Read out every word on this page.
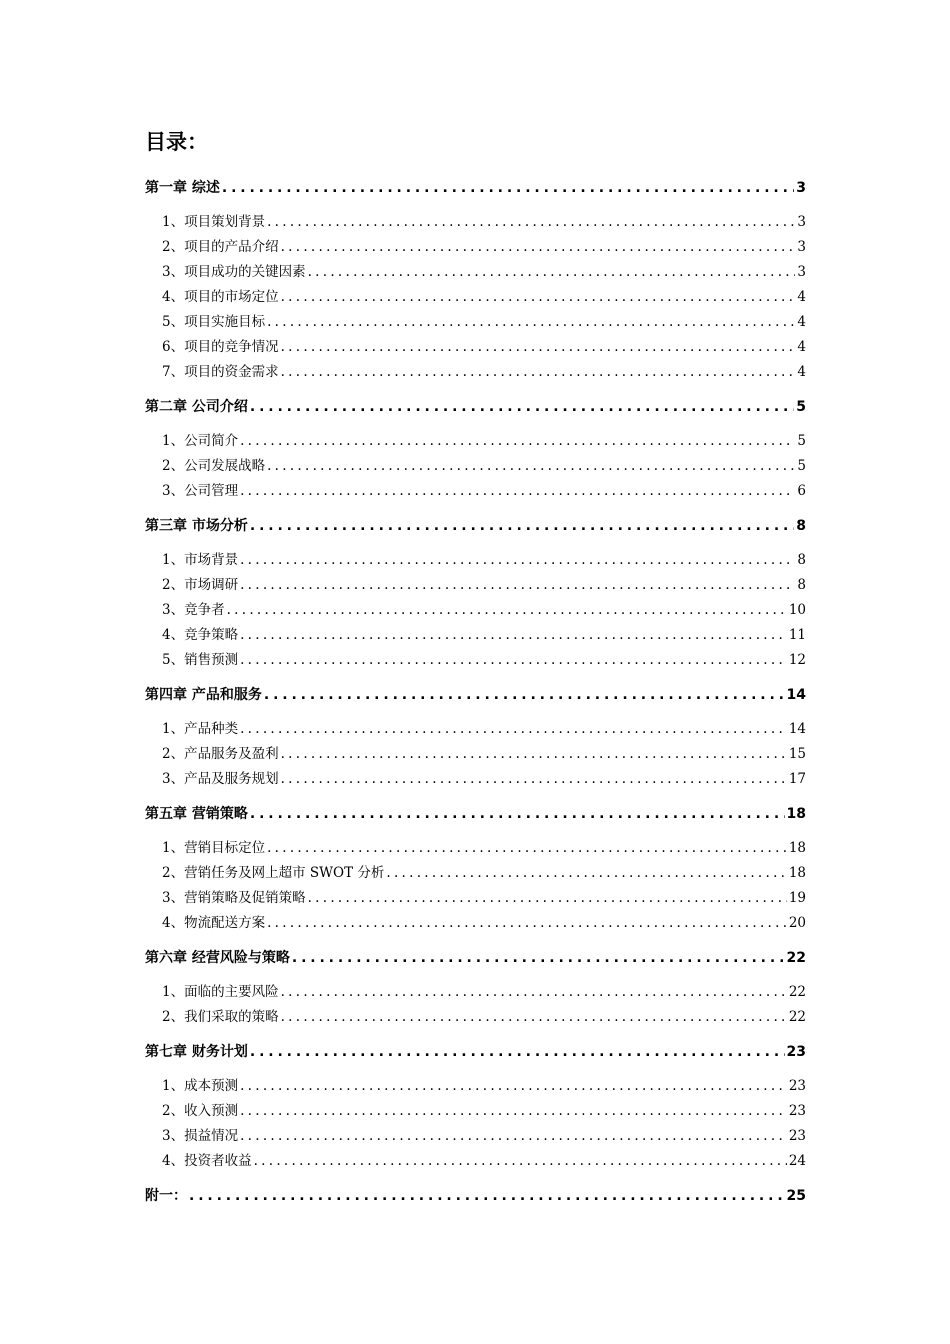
目录：
第一章 综述 . . .	3
1、项目策划背景 . . .	3
2、项目的产品介绍 . . .	3
3、项目成功的关键因素 . . .	3
4、项目的市场定位 . . .	4
5、项目实施目标 . . .	4
6、项目的竞争情况 . . .	4
7、项目的资金需求 . . .	4
第二章 公司介绍 . . .	5
1、公司简介 . . .	5
2、公司发展战略 . . .	5
3、公司管理 . . .	6
第三章 市场分析 . . .	8
1、市场背景 . . .	8
2、市场调研 . . .	8
3、竞争者 . . .	10
4、竞争策略 . . .	11
5、销售预测 . . .	12
第四章 产品和服务 . . .	14
1、产品种类 . . .	14
2、产品服务及盈利 . . .	15
3、产品及服务规划 . . .	17
第五章 营销策略 . . .	18
1、营销目标定位 . . .	18
2、营销任务及网上超市 SWOT 分析 . . .	18
3、营销策略及促销策略 . . .	19
4、物流配送方案 . . .	20
第六章 经营风险与策略 . . .	22
1、面临的主要风险 . . .	22
2、我们采取的策略 . . .	22
第七章 财务计划 . . .	23
1、成本预测 . . .	23
2、收入预测 . . .	23
3、损益情况 . . .	23
4、投资者收益 . . .	24
附一： . . .	25
